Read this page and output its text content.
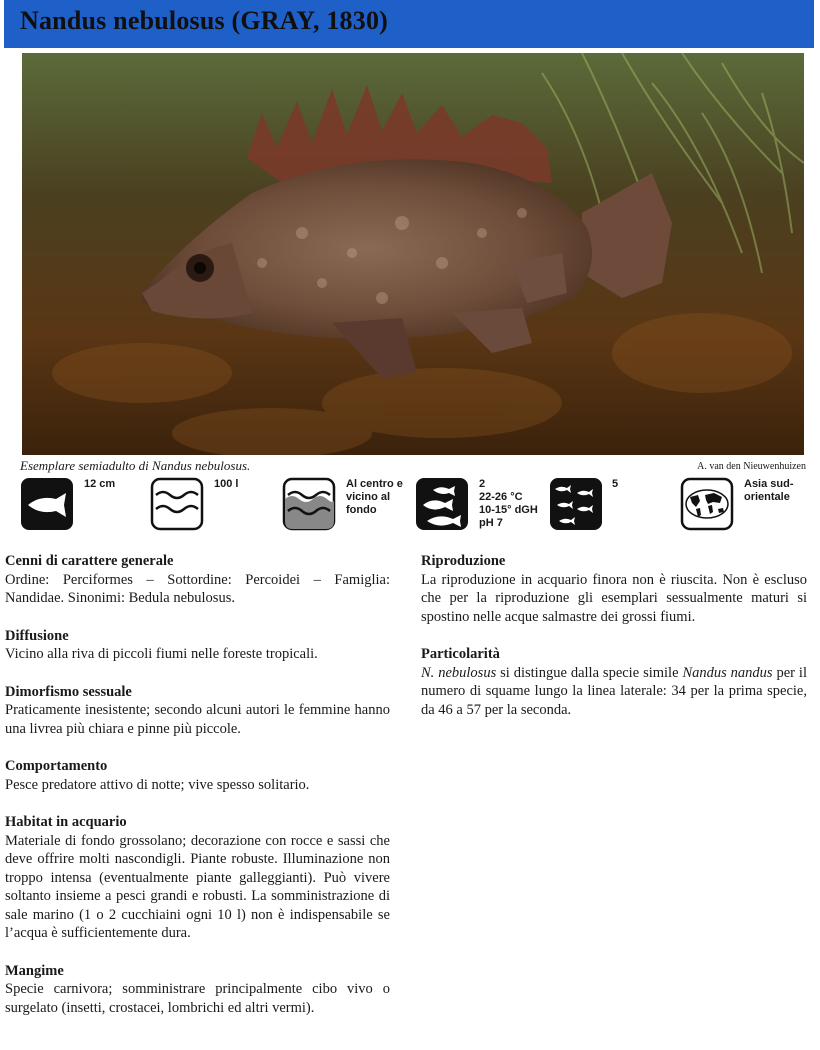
Nandus nebulosus (GRAY, 1830)
Esemplare semiadulto di Nandus nebulosus.	A. van den Nieuwenhuizen
12 cm	100 l	Al centro e
vicino al
fondo
2
22-26 °C
10-15° dGH
pH 7
5	Asia sud-
orientale
Cenni di carattere generale

Ordine: Perciformes – Sottordine: Percoidei – Famiglia: Nandidae. Sinonimi: Bedula nebulosus.

Diffusione

Vicino alla riva di piccoli fiumi nelle foreste tropicali.

Dimorfismo sessuale

Praticamente inesistente; secondo alcuni autori le femmine hanno una livrea più chiara e pinne più piccole.

Comportamento

Pesce predatore attivo di notte; vive spesso solitario.

Habitat in acquario

Materiale di fondo grossolano; decorazione con rocce e sassi che deve offrire molti nascondigli. Piante robuste. Illuminazione non troppo intensa (eventualmente piante galleggianti). Può vivere soltanto insieme a pesci grandi e robusti. La somministrazione di sale marino (1 o 2 cucchiaini ogni 10 l) non è indispensabile se l’acqua è sufficientemente dura.

Mangime

Specie carnivora; somministrare principalmente cibo vivo o surgelato (insetti, crostacei, lombrichi ed altri vermi).

Riproduzione

La riproduzione in acquario finora non è riuscita. Non è escluso che per la riproduzione gli esemplari sessualmente maturi si spostino nelle acque salmastre dei grossi fiumi.

Particolarità

N. nebulosus si distingue dalla specie simile Nandus nandus per il numero di squame lungo la linea laterale: 34 per la prima specie, da 46 a 57 per la seconda.
